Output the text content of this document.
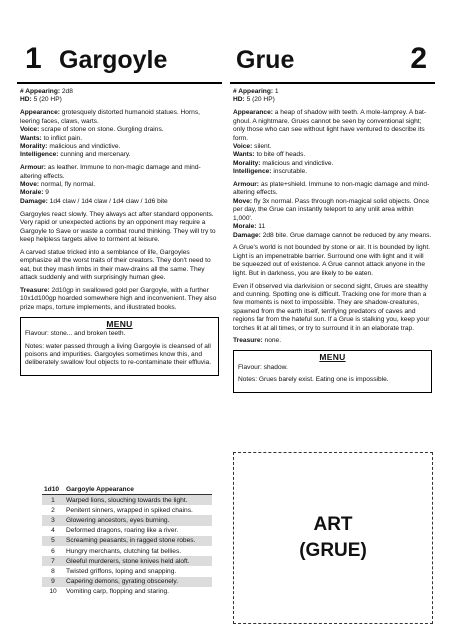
1 Gargoyle

# Appearing: 2d8
HD: 5 (20 HP)

Appearance: grotesquely distorted humanoid statues. Horns, leering faces, claws, warts.
Voice: scrape of stone on stone. Gurgling drains.
Wants: to inflict pain.
Morality: malicious and vindictive.
Intelligence: cunning and mercenary.

Armour: as leather. Immune to non-magic damage and mind-altering effects.
Move: normal, fly normal.
Morale: 9
Damage: 1d4 claw / 1d4 claw / 1d4 claw / 1d6 bite

Gargoyles react slowly. They always act after standard opponents. Very rapid or unexpected actions by an opponent may require a Gargoyle to Save or waste a combat round thinking. They will try to keep helpless targets alive to torment at leisure.

A carved statue tricked into a semblance of life, Gargoyles emphasize all the worst traits of their creators. They don't need to eat, but they mash limbs in their maw-drains all the same. They attack suddenly and with surprisingly human glee.

Treasure: 2d10gp in swallowed gold per Gargoyle, with a further 10x1d100gp hoarded somewhere high and inconvenient. They also prize maps, torture implements, and illustrated books.

MENU

Flavour: stone... and broken teeth.

Notes: water passed through a living Gargoyle is cleansed of all poisons and impurities. Gargoyles sometimes know this, and deliberately swallow foul objects to re-contaminate their effluvia.

Grue	2

# Appearing: 1
HD: 5 (20 HP)

Appearance: a heap of shadow with teeth. A mole-lamprey. A bat-ghoul. A nightmare. Grues cannot be seen by conventional sight; only those who can see without light have ventured to describe its form.
Voice: silent.
Wants: to bite off heads.
Morality: malicious and vindictive.
Intelligence: inscrutable.

Armour: as plate+shield. Immune to non-magic damage and mind-altering effects.
Move: fly 3x normal. Pass through non-magical solid objects. Once per day, the Grue can instantly teleport to any unlit area within 1,000'.
Morale: 11
Damage: 2d8 bite. Grue damage cannot be reduced by any means.

A Grue's world is not bounded by stone or air. It is bounded by light. Light is an impenetrable barrier. Surround one with light and it will be squeezed out of existence. A Grue cannot attack anyone in the light. But in darkness, you are likely to be eaten.

Even if observed via darkvision or second sight, Grues are stealthy and cunning. Spotting one is difficult. Tracking one for more than a few moments is next to impossible. They are shadow-creatures, spawned from the earth itself, terrifying predators of caves and regions far from the hateful sun. If a Grue is stalking you, keep your torches lit at all times, or try to surround it in an elaborate trap.

Treasure: none.

MENU

Flavour: shadow.

Notes: Grues barely exist. Eating one is impossible.

ART
(GRUE)
1d10	Gargoyle Appearance
1	Warped lions, slouching towards the light.
2	Penitent sinners, wrapped in spiked chains.
3	Glowering ancestors, eyes burning.
4	Deformed dragons, roaring like a river.
5	Screaming peasants, in ragged stone robes.
6	Hungry merchants, clutching fat bellies.
7	Gleeful murderers, stone knives held aloft.
8	Twisted griffons, loping and snapping.
9	Capering demons, gyrating obscenely.
10	Vomiting carp, flopping and staring.
